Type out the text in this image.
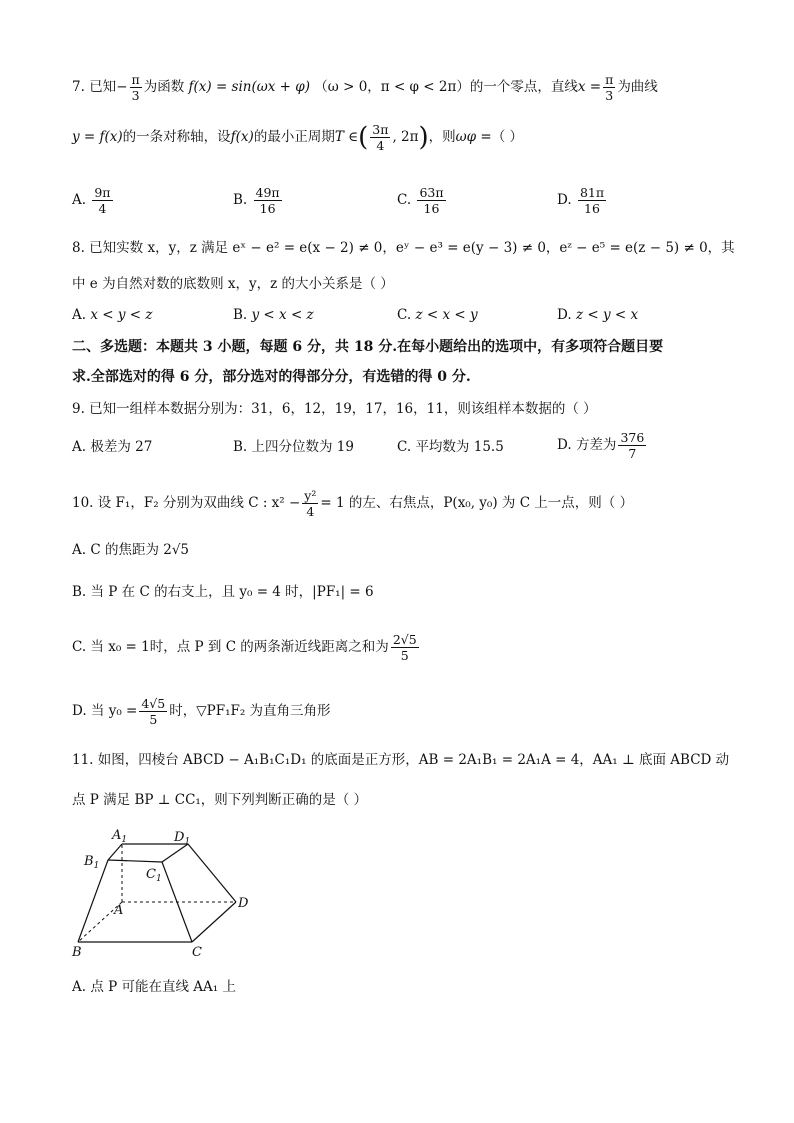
7. 已知− $\frac{\pi}{3}$ 为函数 f(x) = sin(ωx + φ) （ω > 0，π < φ < 2π）的一个零点，直线$x = \frac{\pi}{3}$ 为曲线
y = f(x)的一条对称轴，设f(x)的最小正周期T ∈( $\frac{3\pi}{4}$ , 2π)，则ωφ =（ ）
A. $\frac{9\pi}{4}$	B. $\frac{49\pi}{16}$	C. $\frac{63\pi}{16}$	D. $\frac{81\pi}{16}$
8. 已知实数 x，y，z 满足 eˣ − e² = e(x − 2) ≠ 0，eʸ − e³ = e(y − 3) ≠ 0，eᶻ − e⁵ = e(z − 5) ≠ 0，其
中 e 为自然对数的底数则 x，y，z 的大小关系是（ ）
A. x < y < z	B. y < x < z	C. z < x < y	D. z < y < x
二、多选题：本题共 3 小题，每题 6 分，共 18 分.在每小题给出的选项中，有多项符合题目要
求.全部选对的得 6 分，部分选对的得部分分，有选错的得 0 分.
9. 已知一组样本数据分别为：31，6，12，19，17，16，11，则该组样本数据的（ ）
A. 极差为 27	B. 上四分位数为 19	C. 平均数为 15.5	D. 方差为 $\frac{376}{7}$
10. 设 F₁，F₂ 分别为双曲线 C : $x^2 - \frac{\text{y²}}{4} = 1$ 的左、右焦点，P(x₀, y₀) 为 C 上一点，则（ ）
A. C 的焦距为 2√5
B. 当 P 在 C 的右支上，且 y₀ = 4 时，|PF₁| = 6
C. 当 x₀ = 1时，点 P 到 C 的两条渐近线距离之和为 $\frac{2√5}{5}$
D. 当 $y_0 = \frac{4√5}{5}$ 时，▽PF₁F₂ 为直角三角形
11. 如图，四棱台 ABCD − A₁B₁C₁D₁ 的底面是正方形，AB = 2A₁B₁ = 2A₁A = 4，AA₁ ⊥ 底面 ABCD 动
点 P 满足 BP ⊥ CC₁，则下列判断正确的是（ ）
$A_1$	$D_1$
$B_1$
$C_1$
A	D
B	C
A. 点 P 可能在直线 AA₁ 上
